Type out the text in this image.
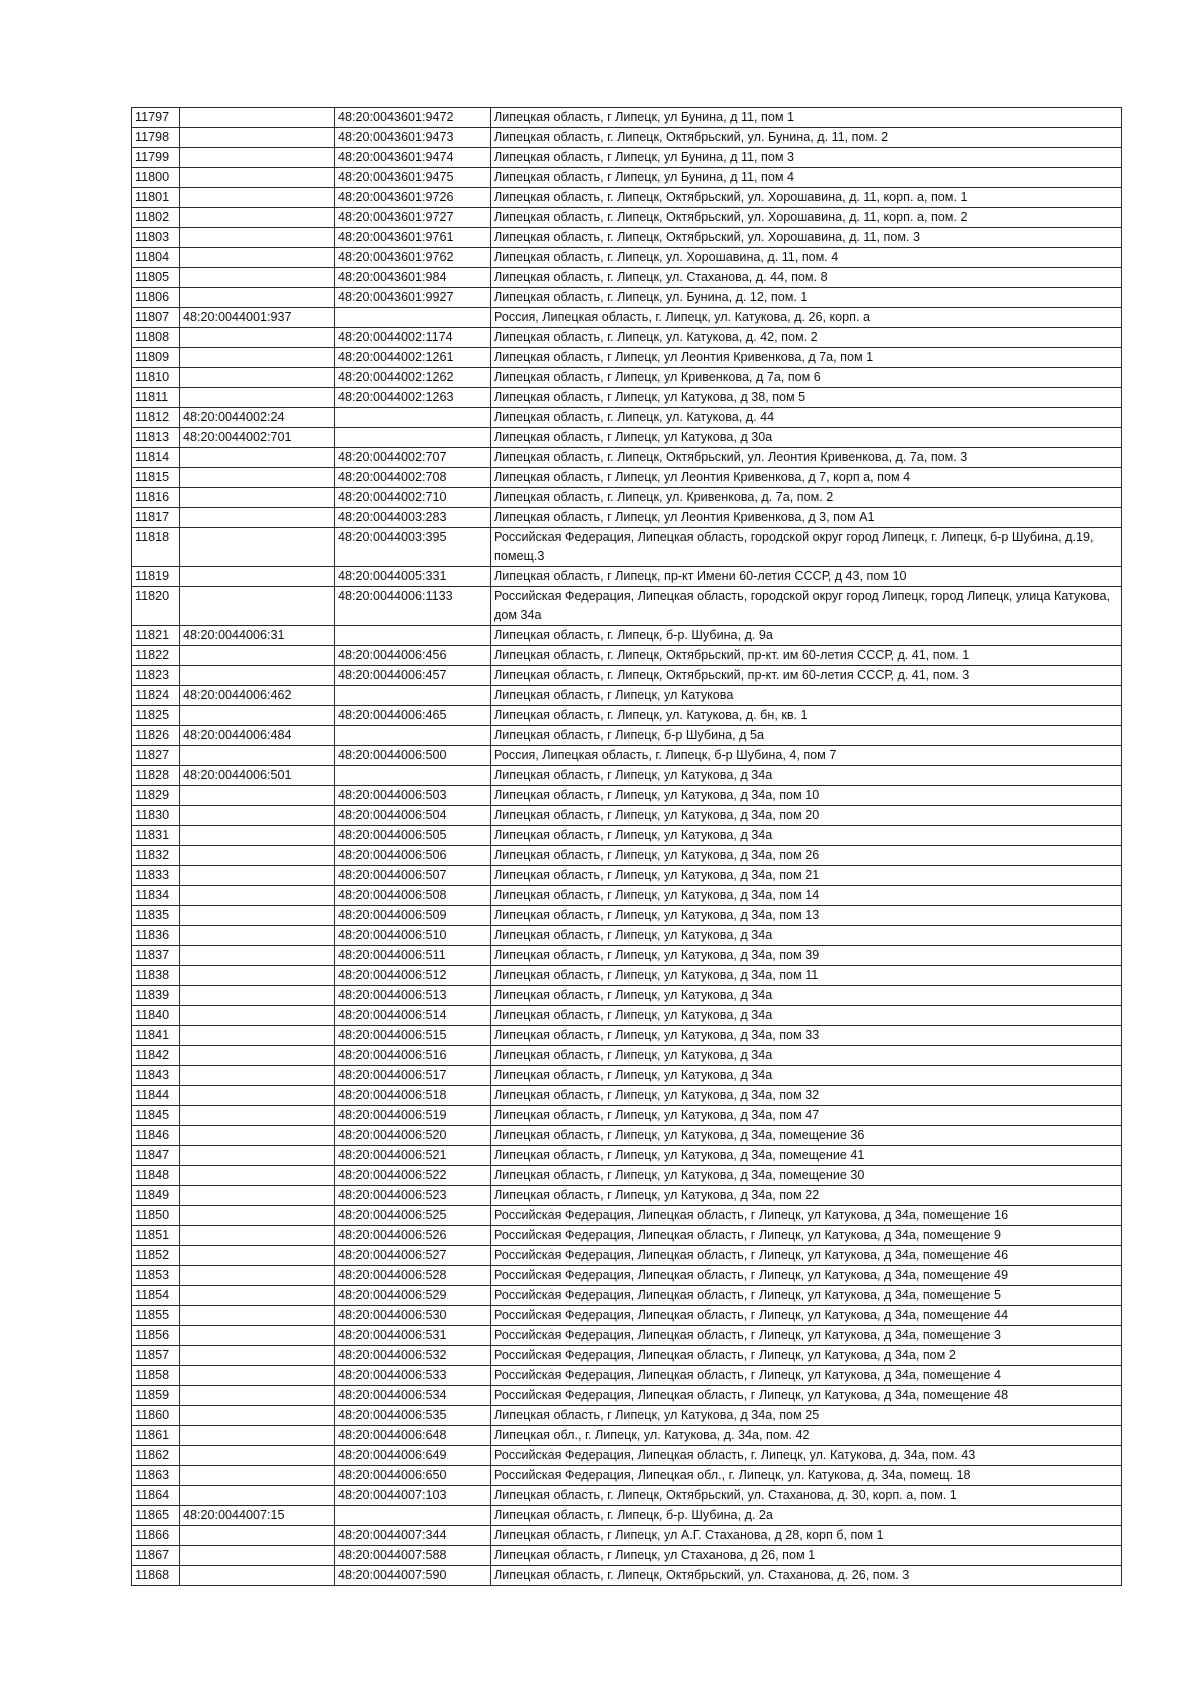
11797		48:20:0043601:9472	Липецкая область, г Липецк, ул Бунина, д 11, пом 1
11798		48:20:0043601:9473	Липецкая область, г. Липецк, Октябрьский, ул. Бунина, д. 11, пом. 2
11799		48:20:0043601:9474	Липецкая область, г Липецк, ул Бунина, д 11, пом 3
11800		48:20:0043601:9475	Липецкая область, г Липецк, ул Бунина, д 11, пом 4
11801		48:20:0043601:9726	Липецкая область, г. Липецк, Октябрьский, ул. Хорошавина, д. 11, корп. а, пом. 1
11802		48:20:0043601:9727	Липецкая область, г. Липецк, Октябрьский, ул. Хорошавина, д. 11, корп. а, пом. 2
11803		48:20:0043601:9761	Липецкая область, г. Липецк, Октябрьский, ул. Хорошавина, д. 11, пом. 3
11804		48:20:0043601:9762	Липецкая область, г. Липецк, ул. Хорошавина, д. 11, пом. 4
11805		48:20:0043601:984	Липецкая область, г. Липецк, ул. Стаханова, д. 44, пом. 8
11806		48:20:0043601:9927	Липецкая область, г. Липецк, ул. Бунина, д. 12, пом. 1
11807	48:20:0044001:937		Россия, Липецкая область, г. Липецк, ул. Катукова, д. 26, корп. а
11808		48:20:0044002:1174	Липецкая область, г. Липецк, ул. Катукова, д. 42, пом. 2
11809		48:20:0044002:1261	Липецкая область, г Липецк, ул Леонтия Кривенкова, д 7а, пом 1
11810		48:20:0044002:1262	Липецкая область, г Липецк, ул Кривенкова, д 7а, пом 6
11811		48:20:0044002:1263	Липецкая область, г Липецк, ул Катукова, д 38, пом 5
11812	48:20:0044002:24		Липецкая область, г. Липецк, ул. Катукова, д. 44
11813	48:20:0044002:701		Липецкая область, г Липецк, ул Катукова, д 30а
11814		48:20:0044002:707	Липецкая область, г. Липецк, Октябрьский, ул. Леонтия Кривенкова, д. 7а, пом. 3
11815		48:20:0044002:708	Липецкая область, г Липецк, ул Леонтия Кривенкова, д 7, корп а, пом 4
11816		48:20:0044002:710	Липецкая область, г. Липецк, ул. Кривенкова, д. 7а, пом. 2
11817		48:20:0044003:283	Липецкая область, г Липецк, ул Леонтия Кривенкова, д 3, пом А1
11818		48:20:0044003:395	Российская Федерация, Липецкая область, городской округ город Липецк, г. Липецк, б-р Шубина, д.19, помещ.3
11819		48:20:0044005:331	Липецкая область, г Липецк, пр-кт Имени 60-летия СССР, д 43, пом 10
11820		48:20:0044006:1133	Российская Федерация, Липецкая область, городской округ город Липецк, город Липецк, улица Катукова, дом 34а
11821	48:20:0044006:31		Липецкая область, г. Липецк, б-р. Шубина, д. 9а
11822		48:20:0044006:456	Липецкая область, г. Липецк, Октябрьский, пр-кт. им 60-летия СССР, д. 41, пом. 1
11823		48:20:0044006:457	Липецкая область, г. Липецк, Октябрьский, пр-кт. им 60-летия СССР, д. 41, пом. 3
11824	48:20:0044006:462		Липецкая область, г Липецк, ул Катукова
11825		48:20:0044006:465	Липецкая область, г. Липецк, ул. Катукова, д. бн, кв. 1
11826	48:20:0044006:484		Липецкая область, г Липецк, б-р Шубина, д 5а
11827		48:20:0044006:500	Россия, Липецкая область, г. Липецк, б-р Шубина, 4, пом 7
11828	48:20:0044006:501		Липецкая область, г Липецк, ул Катукова, д 34а
11829		48:20:0044006:503	Липецкая область, г Липецк, ул Катукова, д 34а, пом 10
11830		48:20:0044006:504	Липецкая область, г Липецк, ул Катукова, д 34а, пом 20
11831		48:20:0044006:505	Липецкая область, г Липецк, ул Катукова, д 34а
11832		48:20:0044006:506	Липецкая область, г Липецк, ул Катукова, д 34а, пом 26
11833		48:20:0044006:507	Липецкая область, г Липецк, ул Катукова, д 34а, пом 21
11834		48:20:0044006:508	Липецкая область, г Липецк, ул Катукова, д 34а, пом 14
11835		48:20:0044006:509	Липецкая область, г Липецк, ул Катукова, д 34а, пом 13
11836		48:20:0044006:510	Липецкая область, г Липецк, ул Катукова, д 34а
11837		48:20:0044006:511	Липецкая область, г Липецк, ул Катукова, д 34а, пом 39
11838		48:20:0044006:512	Липецкая область, г Липецк, ул Катукова, д 34а, пом 11
11839		48:20:0044006:513	Липецкая область, г Липецк, ул Катукова, д 34а
11840		48:20:0044006:514	Липецкая область, г Липецк, ул Катукова, д 34а
11841		48:20:0044006:515	Липецкая область, г Липецк, ул Катукова, д 34а, пом 33
11842		48:20:0044006:516	Липецкая область, г Липецк, ул Катукова, д 34а
11843		48:20:0044006:517	Липецкая область, г Липецк, ул Катукова, д 34а
11844		48:20:0044006:518	Липецкая область, г Липецк, ул Катукова, д 34а, пом 32
11845		48:20:0044006:519	Липецкая область, г Липецк, ул Катукова, д 34а, пом 47
11846		48:20:0044006:520	Липецкая область, г Липецк, ул Катукова, д 34а, помещение 36
11847		48:20:0044006:521	Липецкая область, г Липецк, ул Катукова, д 34а, помещение 41
11848		48:20:0044006:522	Липецкая область, г Липецк, ул Катукова, д 34а, помещение 30
11849		48:20:0044006:523	Липецкая область, г Липецк, ул Катукова, д 34а, пом 22
11850		48:20:0044006:525	Российская Федерация, Липецкая область, г Липецк, ул Катукова, д 34а, помещение 16
11851		48:20:0044006:526	Российская Федерация, Липецкая область, г Липецк, ул Катукова, д 34а, помещение 9
11852		48:20:0044006:527	Российская Федерация, Липецкая область, г Липецк, ул Катукова, д 34а, помещение 46
11853		48:20:0044006:528	Российская Федерация, Липецкая область, г Липецк, ул Катукова, д 34а, помещение 49
11854		48:20:0044006:529	Российская Федерация, Липецкая область, г Липецк, ул Катукова, д 34а, помещение 5
11855		48:20:0044006:530	Российская Федерация, Липецкая область, г Липецк, ул Катукова, д 34а, помещение 44
11856		48:20:0044006:531	Российская Федерация, Липецкая область, г Липецк, ул Катукова, д 34а, помещение 3
11857		48:20:0044006:532	Российская Федерация, Липецкая область, г Липецк, ул Катукова, д 34а, пом 2
11858		48:20:0044006:533	Российская Федерация, Липецкая область, г Липецк, ул Катукова, д 34а, помещение 4
11859		48:20:0044006:534	Российская Федерация, Липецкая область, г Липецк, ул Катукова, д 34а, помещение 48
11860		48:20:0044006:535	Липецкая область, г Липецк, ул Катукова, д 34а, пом 25
11861		48:20:0044006:648	Липецкая обл., г. Липецк, ул. Катукова, д. 34а, пом. 42
11862		48:20:0044006:649	Российская Федерация, Липецкая область, г. Липецк, ул. Катукова, д. 34а, пом. 43
11863		48:20:0044006:650	Российская Федерация, Липецкая обл., г. Липецк, ул. Катукова, д. 34а, помещ. 18
11864		48:20:0044007:103	Липецкая область, г. Липецк, Октябрьский, ул. Стаханова, д. 30, корп. а, пом. 1
11865	48:20:0044007:15		Липецкая область, г. Липецк, б-р. Шубина, д. 2а
11866		48:20:0044007:344	Липецкая область, г Липецк, ул А.Г. Стаханова, д 28, корп б, пом 1
11867		48:20:0044007:588	Липецкая область, г Липецк, ул Стаханова, д 26, пом 1
11868		48:20:0044007:590	Липецкая область, г. Липецк, Октябрьский, ул. Стаханова, д. 26, пом. 3
